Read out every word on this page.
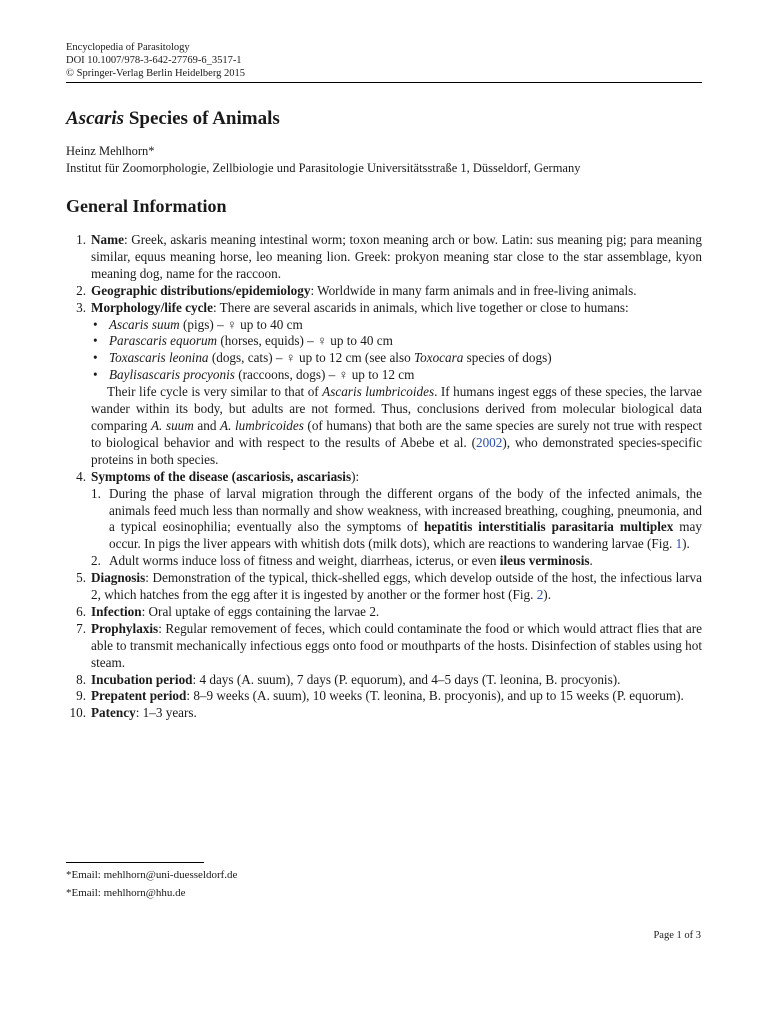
Encyclopedia of Parasitology
DOI 10.1007/978-3-642-27769-6_3517-1
© Springer-Verlag Berlin Heidelberg 2015
Ascaris Species of Animals
Heinz Mehlhorn*
Institut für Zoomorphologie, Zellbiologie und Parasitologie Universitätsstraße 1, Düsseldorf, Germany
General Information
1. Name: Greek, askaris meaning intestinal worm; toxon meaning arch or bow. Latin: sus meaning pig; para meaning similar, equus meaning horse, leo meaning lion. Greek: prokyon meaning star close to the star assemblage, kyon meaning dog, name for the raccoon.
2. Geographic distributions/epidemiology: Worldwide in many farm animals and in free-living animals.
3. Morphology/life cycle: There are several ascarids in animals, which live together or close to humans:
• Ascaris suum (pigs) – ♀ up to 40 cm
• Parascaris equorum (horses, equids) – ♀ up to 40 cm
• Toxascaris leonina (dogs, cats) – ♀ up to 12 cm (see also Toxocara species of dogs)
• Baylisascaris procyonis (raccoons, dogs) – ♀ up to 12 cm
Their life cycle is very similar to that of Ascaris lumbricoides. If humans ingest eggs of these species, the larvae wander within its body, but adults are not formed. Thus, conclusions derived from molecular biological data comparing A. suum and A. lumbricoides (of humans) that both are the same species are surely not true with respect to biological behavior and with respect to the results of Abebe et al. (2002), who demonstrated species-specific proteins in both species.
4. Symptoms of the disease (ascariosis, ascariasis):
1. During the phase of larval migration through the different organs of the body of the infected animals, the animals feed much less than normally and show weakness, with increased breathing, coughing, pneumonia, and a typical eosinophilia; eventually also the symptoms of hepatitis interstitialis parasitaria multiplex may occur. In pigs the liver appears with whitish dots (milk dots), which are reactions to wandering larvae (Fig. 1).
2. Adult worms induce loss of fitness and weight, diarrheas, icterus, or even ileus verminosis.
5. Diagnosis: Demonstration of the typical, thick-shelled eggs, which develop outside of the host, the infectious larva 2, which hatches from the egg after it is ingested by another or the former host (Fig. 2).
6. Infection: Oral uptake of eggs containing the larvae 2.
7. Prophylaxis: Regular removement of feces, which could contaminate the food or which would attract flies that are able to transmit mechanically infectious eggs onto food or mouthparts of the hosts. Disinfection of stables using hot steam.
8. Incubation period: 4 days (A. suum), 7 days (P. equorum), and 4–5 days (T. leonina, B. procyonis).
9. Prepatent period: 8–9 weeks (A. suum), 10 weeks (T. leonina, B. procyonis), and up to 15 weeks (P. equorum).
10. Patency: 1–3 years.
*Email: mehlhorn@uni-duesseldorf.de
*Email: mehlhorn@hhu.de
Page 1 of 3
